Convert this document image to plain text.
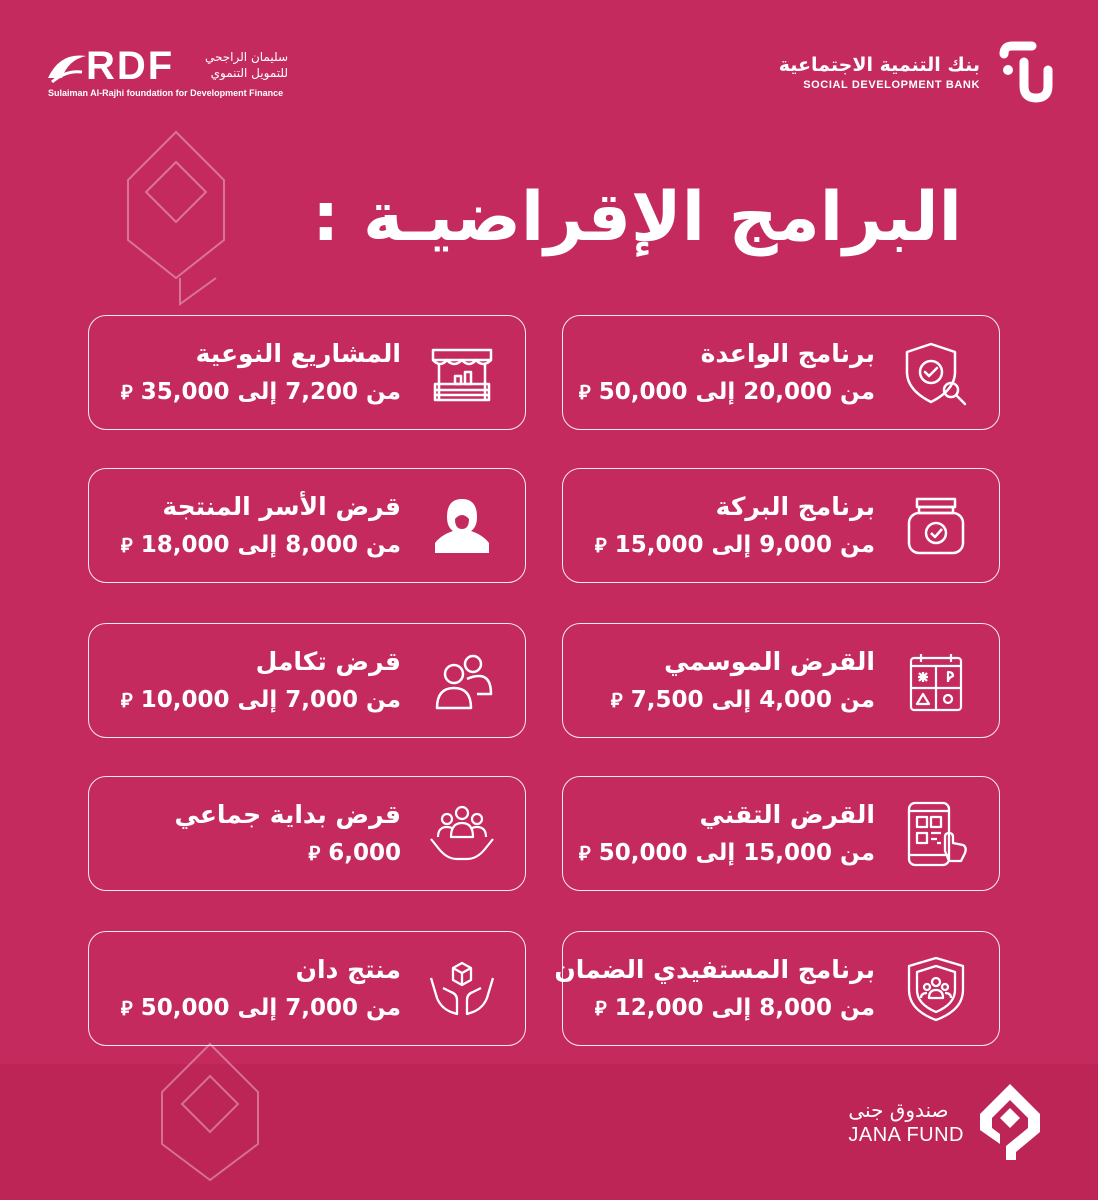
بنك التنمية الاجتماعية
SOCIAL DEVELOPMENT BANK
RDF	سليمان الراجحي
للتمويل التنموي
Sulaiman Al-Rajhi foundation for Development Finance
البرامج الإقراضيـة :
برنامج الواعدة
من 20,000 إلى 50,000 ⃁
المشاريع النوعية
من 7,200 إلى 35,000 ⃁
برنامج البركة
من 9,000 إلى 15,000 ⃁
قرض الأسر المنتجة
من 8,000 إلى 18,000 ⃁
القرض الموسمي
من 4,000 إلى 7,500 ⃁
قرض تكامل
من 7,000 إلى 10,000 ⃁
القرض التقني
من 15,000 إلى 50,000 ⃁
قرض بداية جماعي
6,000 ⃁
برنامج المستفيدي الضمان
من 8,000 إلى 12,000 ⃁
منتج دان
من 7,000 إلى 50,000 ⃁
صندوق جنى
JANA FUND
